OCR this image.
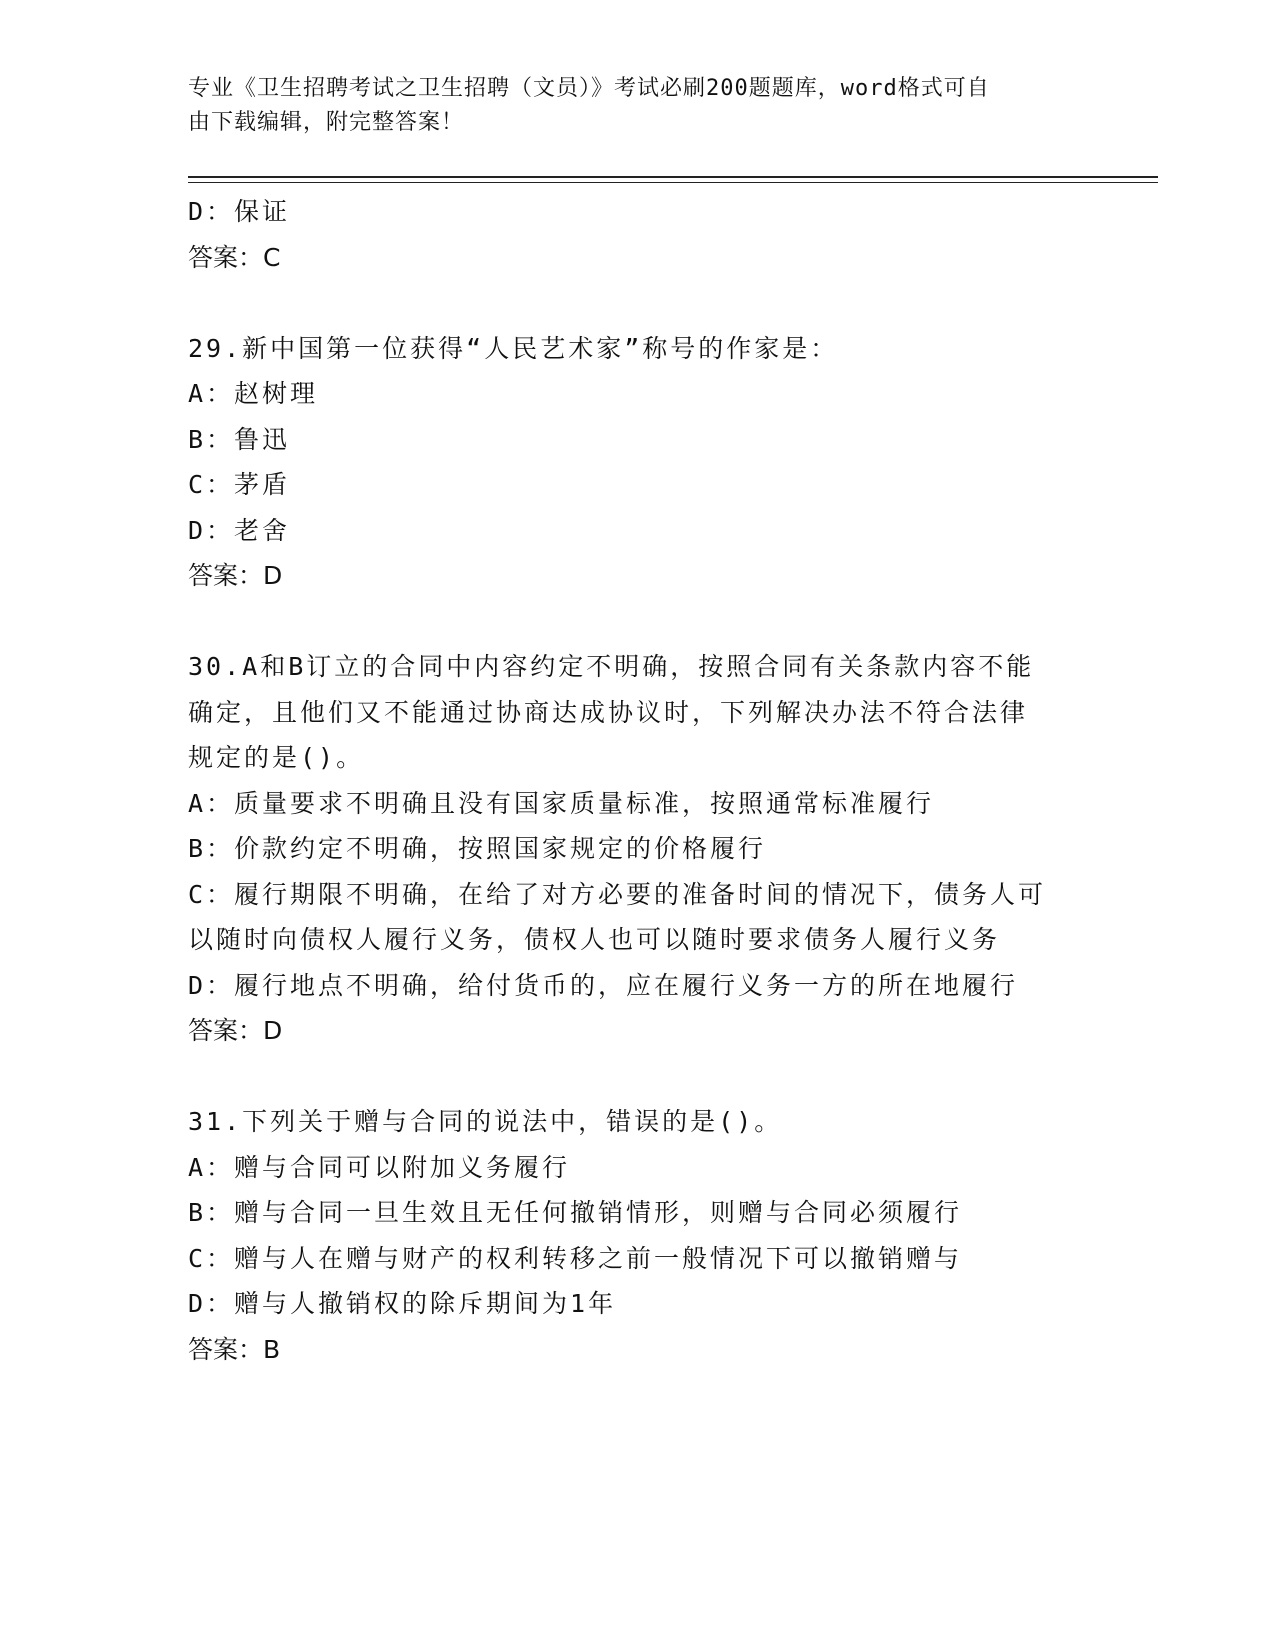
专业《卫生招聘考试之卫生招聘（文员）》考试必刷200题题库，word格式可自
由下载编辑，附完整答案！
D：保证
答案：C
29.新中国第一位获得“人民艺术家”称号的作家是：
A：赵树理
B：鲁迅
C：茅盾
D：老舍
答案：D
30.A和B订立的合同中内容约定不明确，按照合同有关条款内容不能
确定，且他们又不能通过协商达成协议时，下列解决办法不符合法律
规定的是()。
A：质量要求不明确且没有国家质量标准，按照通常标准履行
B：价款约定不明确，按照国家规定的价格履行
C：履行期限不明确，在给了对方必要的准备时间的情况下，债务人可
以随时向债权人履行义务，债权人也可以随时要求债务人履行义务
D：履行地点不明确，给付货币的，应在履行义务一方的所在地履行
答案：D
31.下列关于赠与合同的说法中，错误的是()。
A：赠与合同可以附加义务履行
B：赠与合同一旦生效且无任何撤销情形，则赠与合同必须履行
C：赠与人在赠与财产的权利转移之前一般情况下可以撤销赠与
D：赠与人撤销权的除斥期间为1年
答案：B
